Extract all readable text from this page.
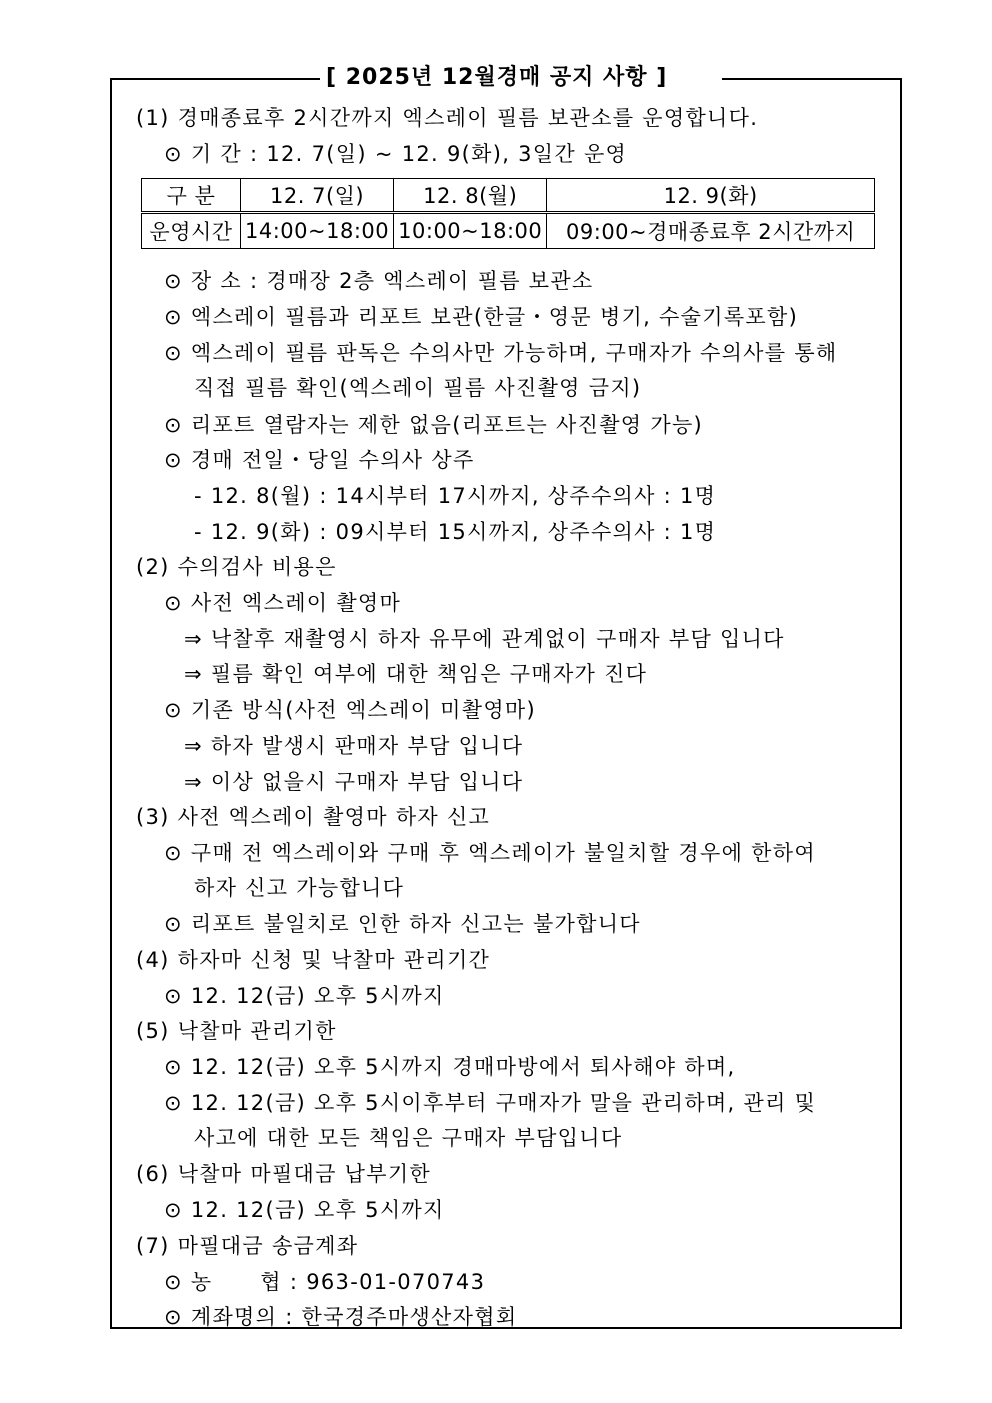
[ 2025년 12월경매 공지 사항 ]
(1) 경매종료후 2시간까지 엑스레이 필름 보관소를 운영합니다.
⊙ 기 간 : 12. 7(일) ~ 12. 9(화), 3일간 운영
구 분	12. 7(일)	12. 8(월)	12. 9(화)
운영시간	14:00~18:00	10:00~18:00	09:00~경매종료후 2시간까지
⊙ 장 소 : 경매장 2층 엑스레이 필름 보관소
⊙ 엑스레이 필름과 리포트 보관(한글・영문 병기, 수술기록포함)
⊙ 엑스레이 필름 판독은 수의사만 가능하며, 구매자가 수의사를 통해
직접 필름 확인(엑스레이 필름 사진촬영 금지)
⊙ 리포트 열람자는 제한 없음(리포트는 사진촬영 가능)
⊙ 경매 전일・당일 수의사 상주
- 12. 8(월) : 14시부터 17시까지, 상주수의사 : 1명
- 12. 9(화) : 09시부터 15시까지, 상주수의사 : 1명
(2) 수의검사 비용은
⊙ 사전 엑스레이 촬영마
⇒ 낙찰후 재촬영시 하자 유무에 관계없이 구매자 부담 입니다
⇒ 필름 확인 여부에 대한 책임은 구매자가 진다
⊙ 기존 방식(사전 엑스레이 미촬영마)
⇒ 하자 발생시 판매자 부담 입니다
⇒ 이상 없을시 구매자 부담 입니다
(3) 사전 엑스레이 촬영마 하자 신고
⊙ 구매 전 엑스레이와 구매 후 엑스레이가 불일치할 경우에 한하여
하자 신고 가능합니다
⊙ 리포트 불일치로 인한 하자 신고는 불가합니다
(4) 하자마 신청 및 낙찰마 관리기간
⊙ 12. 12(금) 오후 5시까지
(5) 낙찰마 관리기한
⊙ 12. 12(금) 오후 5시까지 경매마방에서 퇴사해야 하며,
⊙ 12. 12(금) 오후 5시이후부터 구매자가 말을 관리하며, 관리 및
사고에 대한 모든 책임은 구매자 부담입니다
(6) 낙찰마 마필대금 납부기한
⊙ 12. 12(금) 오후 5시까지
(7) 마필대금 송금계좌
⊙ 농      협 : 963-01-070743
⊙ 계좌명의 : 한국경주마생산자협회
